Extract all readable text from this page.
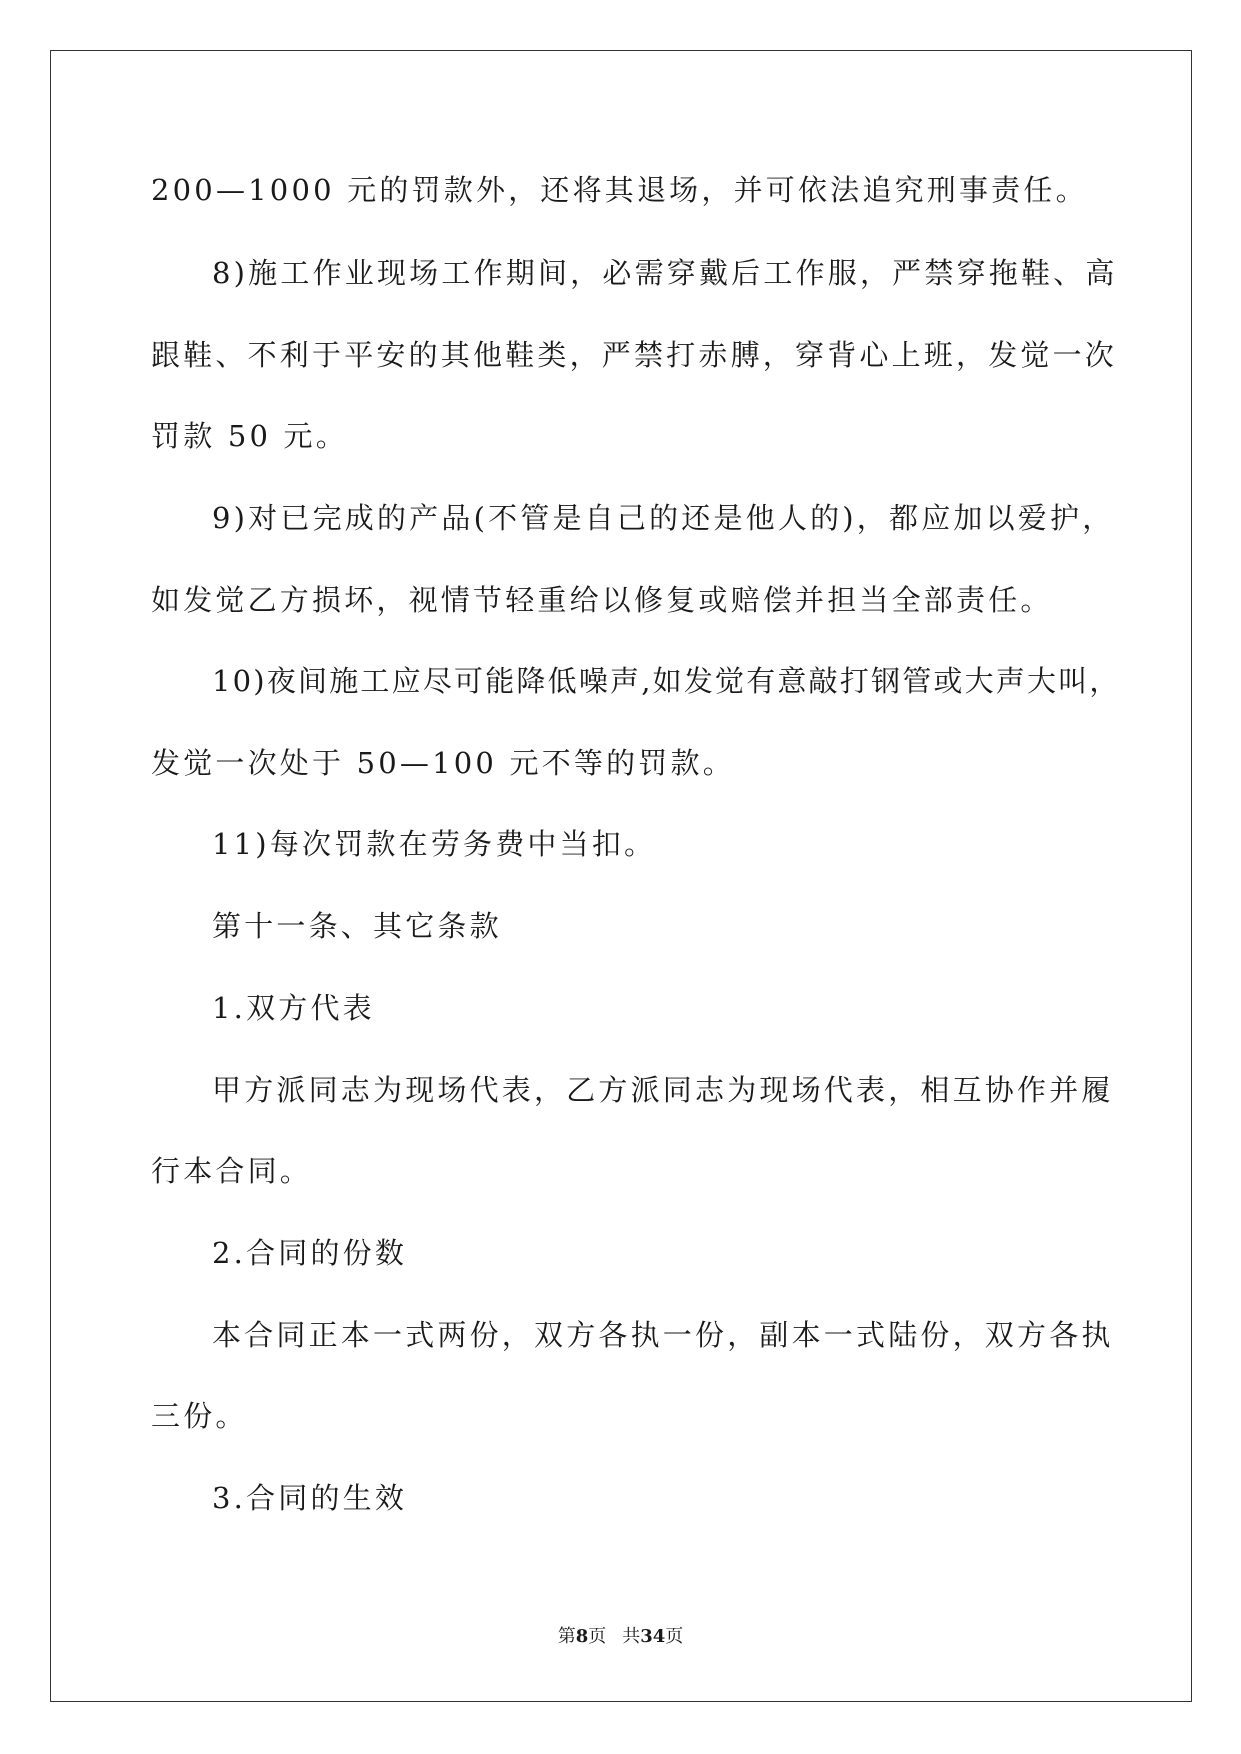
200—1000 元的罚款外，还将其退场，并可依法追究刑事责任。
8)施工作业现场工作期间，必需穿戴后工作服，严禁穿拖鞋、高
跟鞋、不利于平安的其他鞋类，严禁打赤膊，穿背心上班，发觉一次
罚款 50 元。
9)对已完成的产品(不管是自己的还是他人的)，都应加以爱护，
如发觉乙方损坏，视情节轻重给以修复或赔偿并担当全部责任。
10)夜间施工应尽可能降低噪声,如发觉有意敲打钢管或大声大叫，
发觉一次处于 50—100 元不等的罚款。
11)每次罚款在劳务费中当扣。
第十一条、其它条款
1.双方代表
甲方派同志为现场代表，乙方派同志为现场代表，相互协作并履
行本合同。
2.合同的份数
本合同正本一式两份，双方各执一份，副本一式陆份，双方各执
三份。
3.合同的生效
第8页 共34页
